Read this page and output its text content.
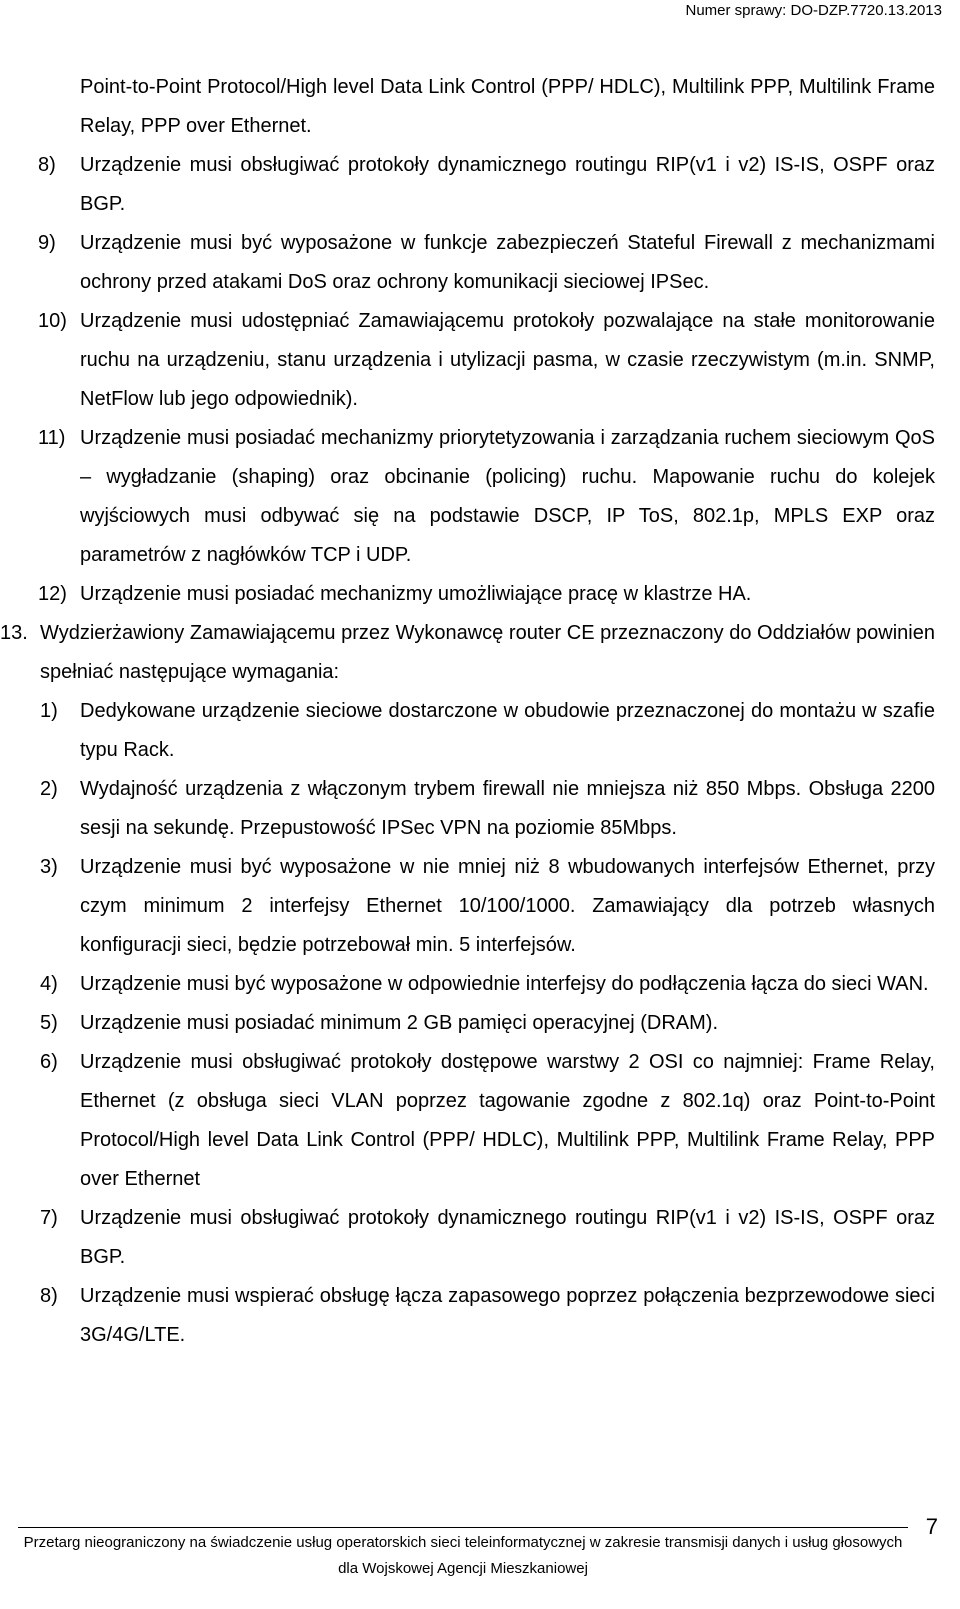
Numer sprawy: DO-DZP.7720.13.2013
Point-to-Point Protocol/High level Data Link Control (PPP/ HDLC), Multilink PPP, Multilink Frame Relay, PPP over Ethernet.
8) Urządzenie musi obsługiwać protokoły dynamicznego routingu RIP(v1 i v2) IS-IS, OSPF oraz BGP.
9) Urządzenie musi być wyposażone w funkcje zabezpieczeń Stateful Firewall z mechanizmami ochrony przed atakami DoS oraz ochrony komunikacji sieciowej IPSec.
10) Urządzenie musi udostępniać Zamawiającemu protokoły pozwalające na stałe monitorowanie ruchu na urządzeniu, stanu urządzenia i utylizacji pasma, w czasie rzeczywistym (m.in. SNMP, NetFlow lub jego odpowiednik).
11) Urządzenie musi posiadać mechanizmy priorytetyzowania i zarządzania ruchem sieciowym QoS – wygładzanie (shaping) oraz obcinanie (policing) ruchu. Mapowanie ruchu do kolejek wyjściowych musi odbywać się na podstawie DSCP, IP ToS, 802.1p, MPLS EXP oraz parametrów z nagłówków TCP i UDP.
12) Urządzenie musi posiadać mechanizmy umożliwiające pracę w klastrze HA.
13. Wydzierżawiony Zamawiającemu przez Wykonawcę router CE przeznaczony do Oddziałów powinien spełniać następujące wymagania:
1) Dedykowane urządzenie sieciowe dostarczone w obudowie przeznaczonej do montażu w szafie typu Rack.
2) Wydajność urządzenia z włączonym trybem firewall nie mniejsza niż 850 Mbps. Obsługa 2200 sesji na sekundę. Przepustowość IPSec VPN na poziomie 85Mbps.
3) Urządzenie musi być wyposażone w nie mniej niż 8 wbudowanych interfejsów Ethernet, przy czym minimum 2 interfejsy Ethernet 10/100/1000. Zamawiający dla potrzeb własnych konfiguracji sieci, będzie potrzebował min. 5 interfejsów.
4) Urządzenie musi być wyposażone w odpowiednie interfejsy do podłączenia łącza do sieci WAN.
5) Urządzenie musi posiadać minimum 2 GB pamięci operacyjnej (DRAM).
6) Urządzenie musi obsługiwać protokoły dostępowe warstwy 2 OSI co najmniej: Frame Relay, Ethernet (z obsługa sieci VLAN poprzez tagowanie zgodne z 802.1q) oraz Point-to-Point Protocol/High level Data Link Control (PPP/ HDLC), Multilink PPP, Multilink Frame Relay, PPP over Ethernet
7) Urządzenie musi obsługiwać protokoły dynamicznego routingu RIP(v1 i v2) IS-IS, OSPF oraz BGP.
8) Urządzenie musi wspierać obsługę łącza zapasowego poprzez połączenia bezprzewodowe sieci 3G/4G/LTE.
Przetarg nieograniczony na świadczenie usług operatorskich sieci teleinformatycznej w zakresie transmisji danych i usług głosowych dla Wojskowej Agencji Mieszkaniowej
7
